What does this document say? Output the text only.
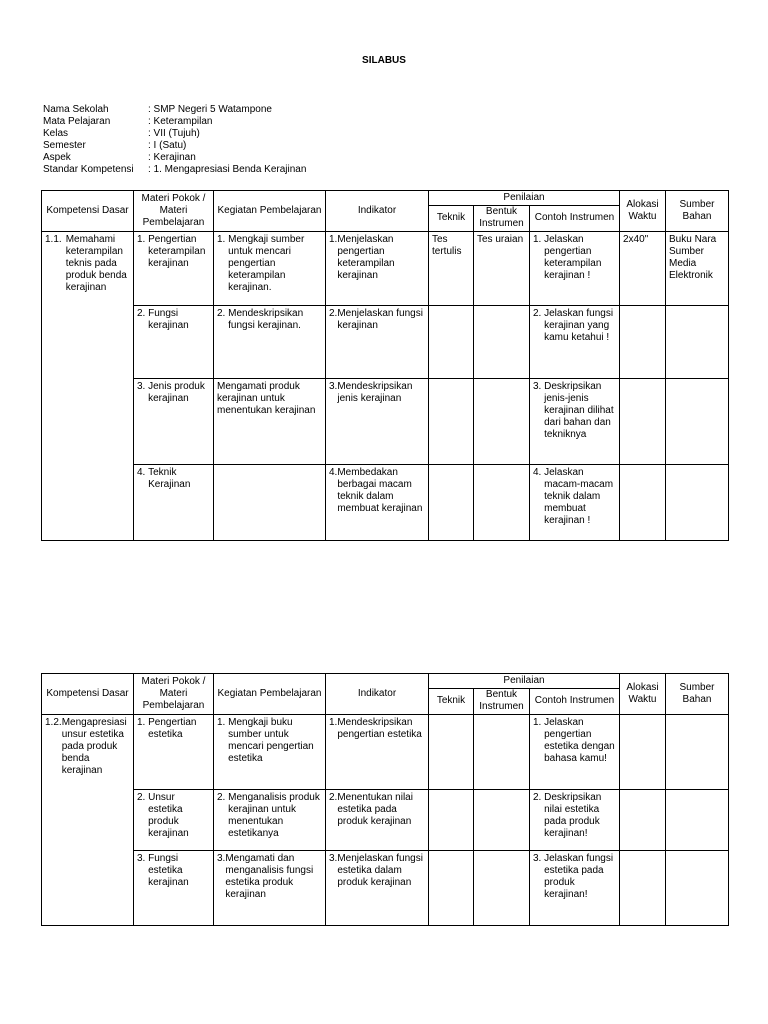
SILABUS
Nama Sekolah	: SMP Negeri 5 Watampone
Mata Pelajaran	: Keterampilan
Kelas	: VII (Tujuh)
Semester	: I (Satu)
Aspek	: Kerajinan
Standar Kompetensi	: 1. Mengapresiasi Benda Kerajinan
Kompetensi Dasar	Materi Pokok / Materi Pembelajaran	Kegiatan Pembelajaran	Indikator	Penilaian			Alokasi Waktu	Sumber Bahan
				Teknik	Bentuk Instrumen	Contoh Instrumen		

1.1. Memahami keterampilan teknis pada produk benda kerajinan	1. Pengertian keterampilan kerajinan	1. Mengkaji sumber untuk mencari pengertian keterampilan kerajinan.	1. Menjelaskan pengertian keterampilan kerajinan	Tes tertulis	Tes uraian	1. Jelaskan pengertian keterampilan kerajinan !	2x40"	Buku Nara Sumber Media Elektronik

	2. Fungsi kerajinan	2. Mendeskripsikan fungsi kerajinan.	2. Menjelaskan fungsi kerajinan			2. Jelaskan fungsi kerajinan yang kamu ketahui !		

	3. Jenis produk kerajinan	Mengamati produk kerajinan untuk menentukan kerajinan	3. Mendeskripsikan jenis kerajinan			3. Deskripsikan jenis-jenis kerajinan dilihat dari bahan dan tekniknya		

	4. Teknik Kerajinan		4. Membedakan berbagai macam teknik dalam membuat kerajinan			4. Jelaskan macam-macam teknik dalam membuat kerajinan !		

Kompetensi Dasar	Materi Pokok / Materi Pembelajaran	Kegiatan Pembelajaran	Indikator	Penilaian			Alokasi Waktu	Sumber Bahan
				Teknik	Bentuk Instrumen	Contoh Instrumen		

1.2. Mengapresiasi unsur estetika pada produk benda kerajinan	1. Pengertian estetika	1. Mengkaji buku sumber untuk mencari pengertian estetika	1. Mendeskripsikan pengertian estetika			1. Jelaskan pengertian estetika dengan bahasa kamu!		

	2. Unsur estetika produk kerajinan	2. Menganalisis produk kerajinan untuk menentukan estetikanya	2. Menentukan nilai estetika pada produk kerajinan			2. Deskripsikan nilai estetika pada produk kerajinan!		

	3. Fungsi estetika kerajinan	3. Mengamati dan menganalisis fungsi estetika produk kerajinan	3. Menjelaskan fungsi estetika dalam produk kerajinan			3. Jelaskan fungsi estetika pada produk kerajinan!		
